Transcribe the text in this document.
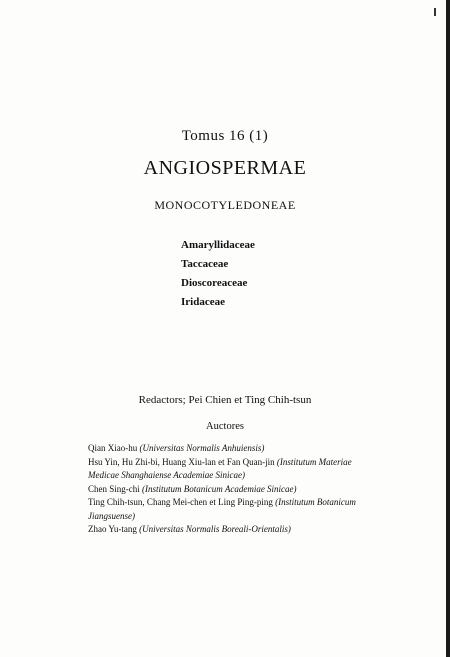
Tomus 16 (1)
ANGIOSPERMAE
MONOCOTYLEDONEAE
Amaryllidaceae
Taccaceae
Dioscoreaceae
Iridaceae
Redactors; Pei Chien et Ting Chih-tsun
Auctores
Qian Xiao-hu (Universitas Normalis Anhuiensis)
Hsu Yin, Hu Zhi-bi, Huang Xiu-lan et Fan Quan-jin (Institutum Materiae Medicae Shanghaiense Academiae Sinicae)
Chen Sing-chi (Institutum Botanicum Academiae Sinicae)
Ting Chih-tsun, Chang Mei-chen et Ling Ping-ping (Institutum Botanicum Jiangsuense)
Zhao Yu-tang (Universitas Normalis Boreali-Orientalis)
